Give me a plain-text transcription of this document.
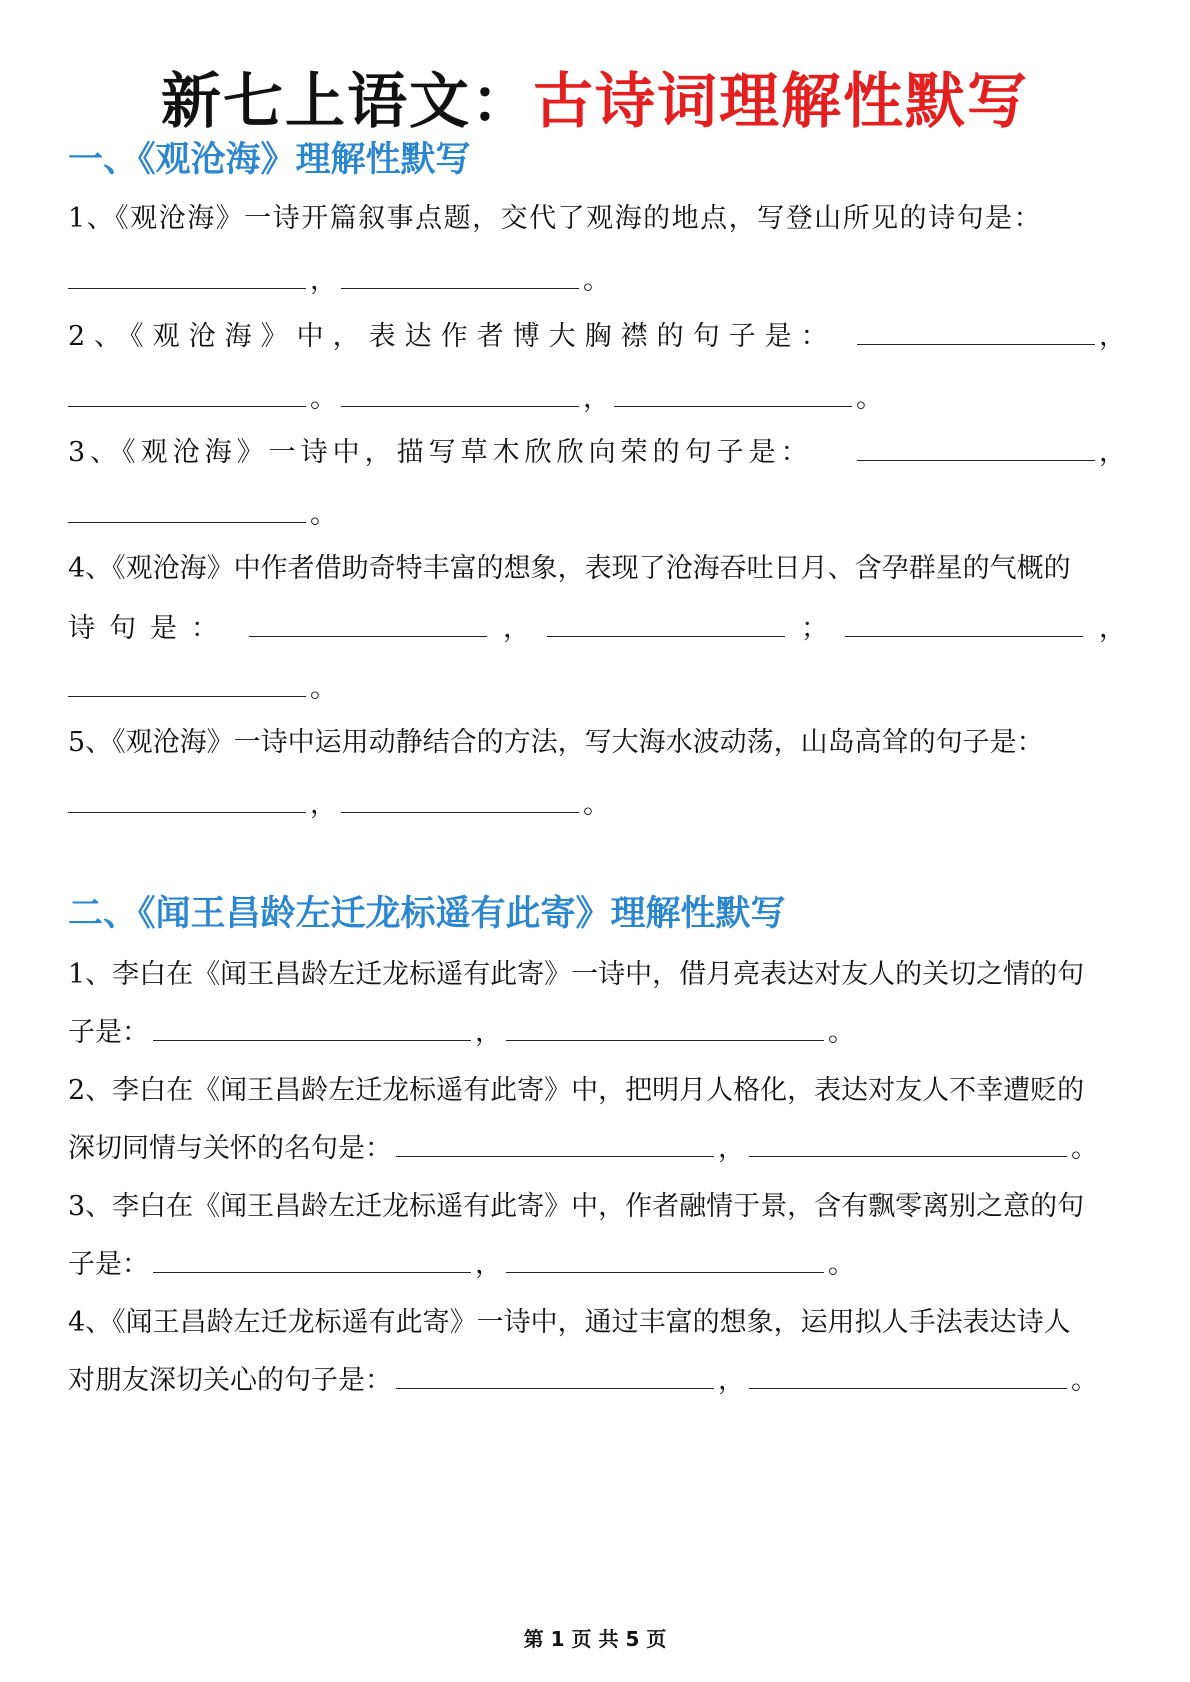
新七上语文：古诗词理解性默写
一、《观沧海》理解性默写
1、《观沧海》一诗开篇叙事点题，交代了观海的地点，写登山所见的诗句是：
，	。
2、《观沧海》中，表达作者博大胸襟的句子是：	，
。	，	。
3、《观沧海》一诗中，描写草木欣欣向荣的句子是：	，
。
4、《观沧海》中作者借助奇特丰富的想象，表现了沧海吞吐日月、含孕群星的气概的
诗句是：	，	；	，
。
5、《观沧海》一诗中运用动静结合的方法，写大海水波动荡，山岛高耸的句子是：
，	。
二、《闻王昌龄左迁龙标遥有此寄》理解性默写
1、李白在《闻王昌龄左迁龙标遥有此寄》一诗中，借月亮表达对友人的关切之情的句
子是：	，	。
2、李白在《闻王昌龄左迁龙标遥有此寄》中，把明月人格化，表达对友人不幸遭贬的
深切同情与关怀的名句是：	，	。
3、李白在《闻王昌龄左迁龙标遥有此寄》中，作者融情于景，含有飘零离别之意的句
子是：	，	。
4、《闻王昌龄左迁龙标遥有此寄》一诗中，通过丰富的想象，运用拟人手法表达诗人
对朋友深切关心的句子是：	，	。
第 1 页 共 5 页
